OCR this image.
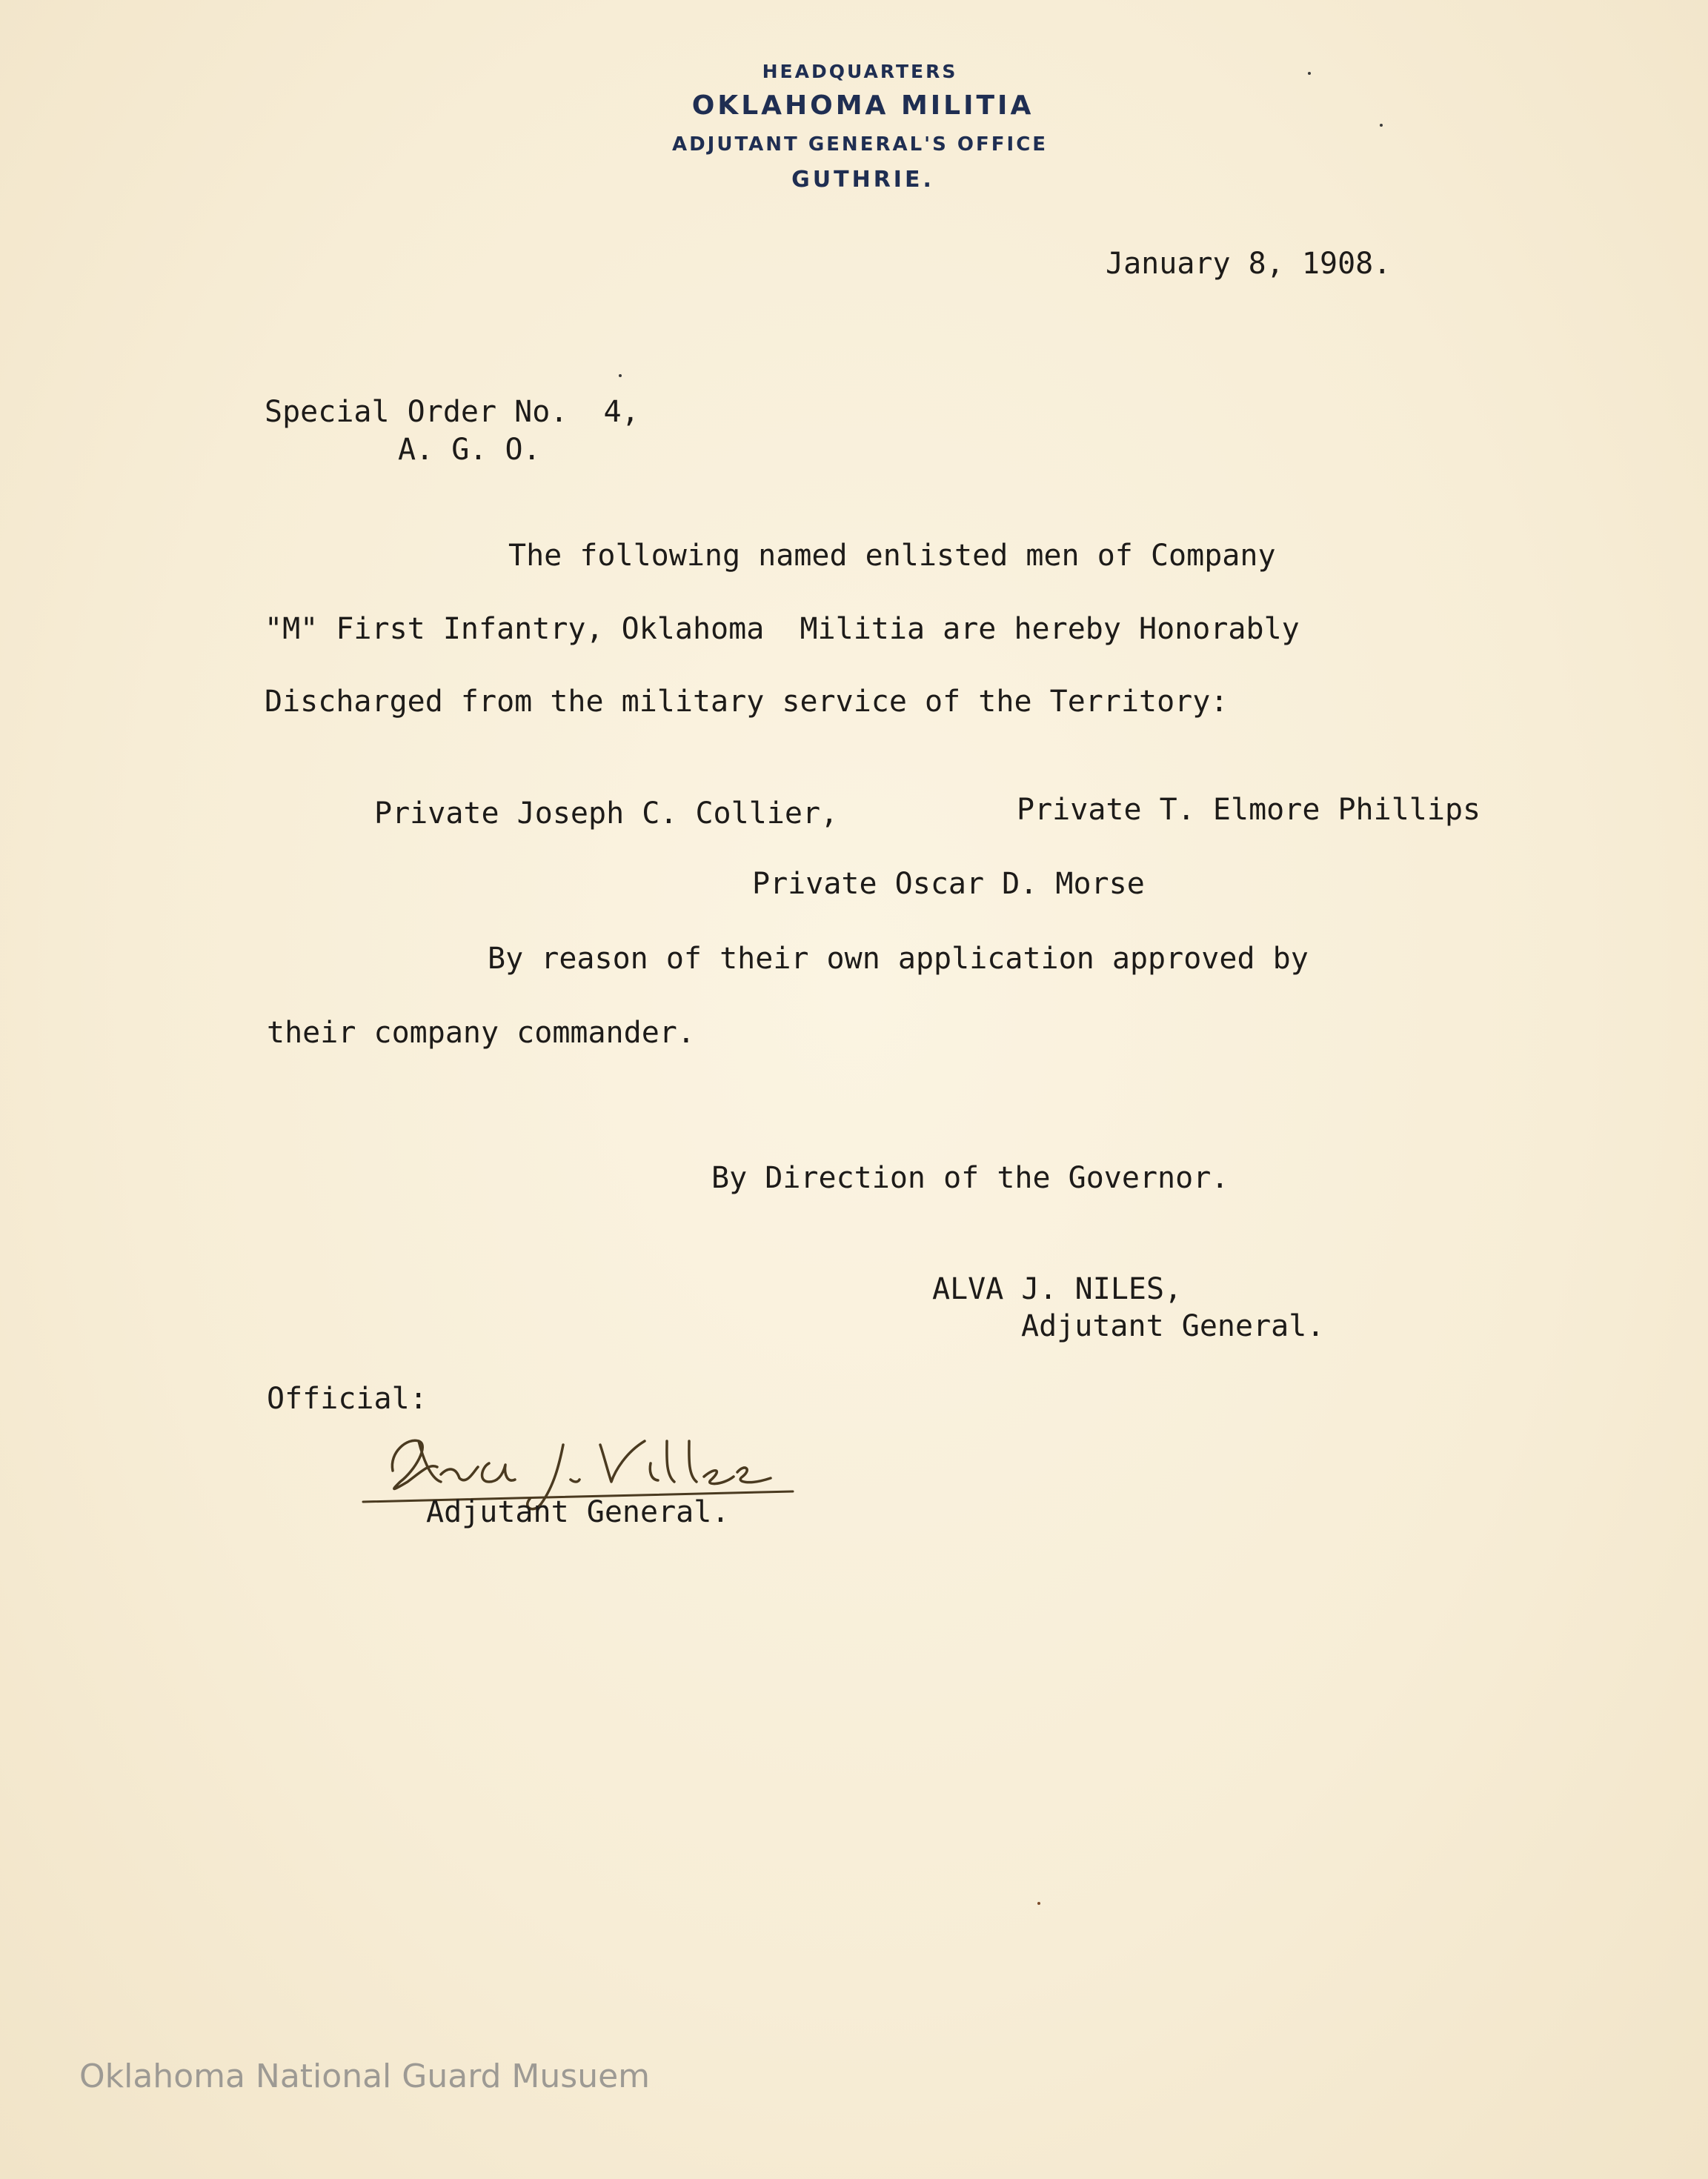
HEADQUARTERS
OKLAHOMA MILITIA
ADJUTANT GENERAL'S OFFICE
GUTHRIE.
January 8, 1908.
Special Order No.  4,
A. G. O.
The following named enlisted men of Company
"M" First Infantry, Oklahoma  Militia are hereby Honorably
Discharged from the military service of the Territory:
Private Joseph C. Collier,	Private T. Elmore Phillips
Private Oscar D. Morse
By reason of their own application approved by
their company commander.
By Direction of the Governor.
ALVA J. NILES,
Adjutant General.
Official:
Adjutant General.
Oklahoma National Guard Musuem
